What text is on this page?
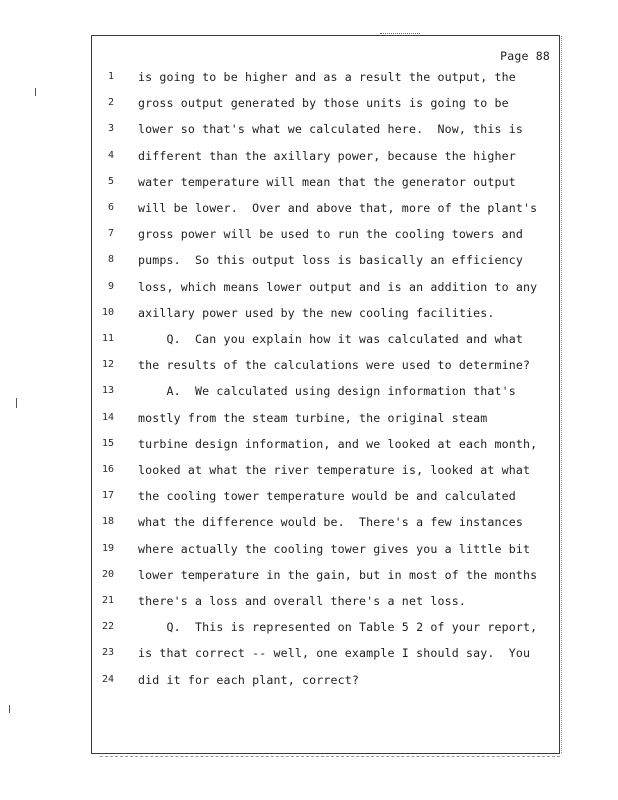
Page 88
1 is going to be higher and as a result the output, the
2 gross output generated by those units is going to be
3 lower so that's what we calculated here.  Now, this is
4 different than the axillary power, because the higher
5 water temperature will mean that the generator output
6 will be lower.  Over and above that, more of the plant's
7 gross power will be used to run the cooling towers and
8 pumps.  So this output loss is basically an efficiency
9 loss, which means lower output and is an addition to any
10 axillary power used by the new cooling facilities.
11 Q.  Can you explain how it was calculated and what
12 the results of the calculations were used to determine?
13 A.  We calculated using design information that's
14 mostly from the steam turbine, the original steam
15 turbine design information, and we looked at each month,
16 looked at what the river temperature is, looked at what
17 the cooling tower temperature would be and calculated
18 what the difference would be.  There's a few instances
19 where actually the cooling tower gives you a little bit
20 lower temperature in the gain, but in most of the months
21 there's a loss and overall there's a net loss.
22 Q.  This is represented on Table 5 2 of your report,
23 is that correct -- well, one example I should say.  You
24 did it for each plant, correct?
